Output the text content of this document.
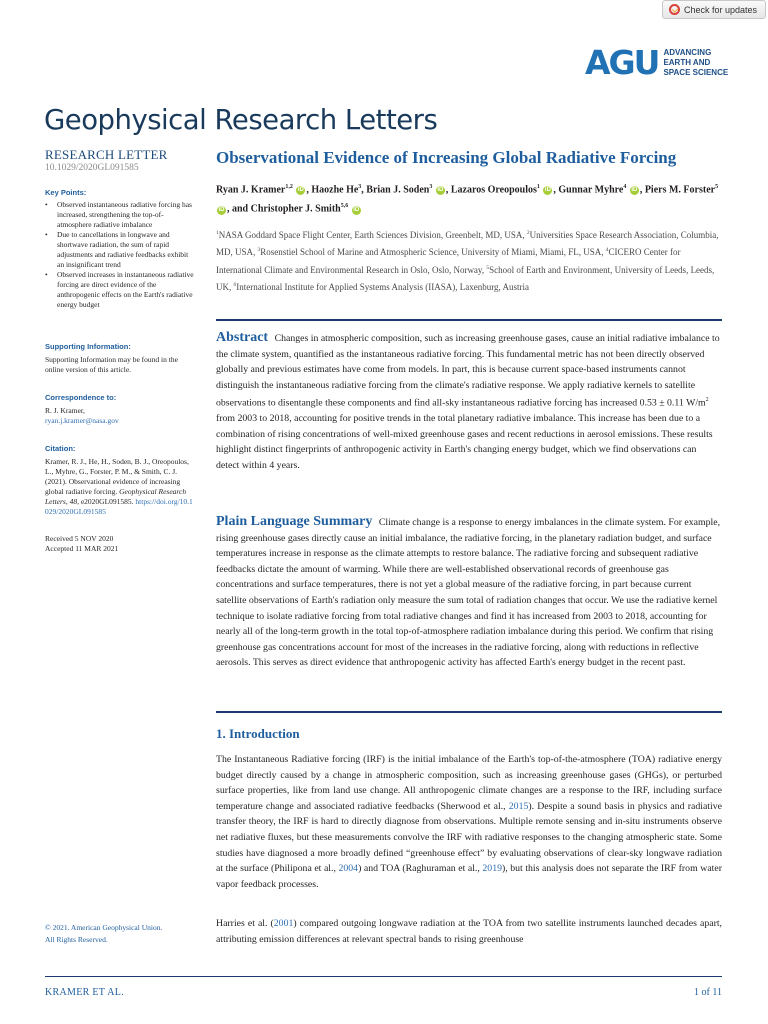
Check for updates
AGU ADVANCING
EARTH AND
SPACE SCIENCE
Geophysical Research Letters
RESEARCH LETTER
10.1029/2020GL091585
Key Points:
• Observed instantaneous radiative forcing has increased, strengthening the top-of-atmosphere radiative imbalance
• Due to cancellations in longwave and shortwave radiation, the sum of rapid adjustments and radiative feedbacks exhibit an insignificant trend
• Observed increases in instantaneous radiative forcing are direct evidence of the anthropogenic effects on the Earth's radiative energy budget
Supporting Information:

Supporting Information may be found in the online version of this article.

Correspondence to:

R. J. Kramer,

ryan.j.kramer@nasa.gov

Citation:

Kramer, R. J., He, H., Soden, B. J., Oreopoulos, L., Myhre, G., Forster, P. M., & Smith, C. J. (2021). Observational evidence of increasing global radiative forcing. Geophysical Research Letters, 48, e2020GL091585. https://doi.org/10.1029/2020GL091585

Received 5 NOV 2020

Accepted 11 MAR 2021

© 2021. American Geophysical Union.
All Rights Reserved.
Observational Evidence of Increasing Global Radiative Forcing
Ryan J. Kramer$^{1,2}$ iD , Haozhe He$^3$, Brian J. Soden$^3$ iD , Lazaros Oreopoulos$^1$ iD , Gunnar Myhre$^4$ iD , Piers M. Forster$^5$ iD , and Christopher J. Smith$^{5,6}$ iD
$^1$NASA Goddard Space Flight Center, Earth Sciences Division, Greenbelt, MD, USA, $^2$Universities Space Research Association, Columbia, MD, USA, $^3$Rosenstiel School of Marine and Atmospheric Science, University of Miami, Miami, FL, USA, $^4$CICERO Center for International Climate and Environmental Research in Oslo, Oslo, Norway, $^5$School of Earth and Environment, University of Leeds, Leeds, UK, $^6$International Institute for Applied Systems Analysis (IIASA), Laxenburg, Austria
Abstract Changes in atmospheric composition, such as increasing greenhouse gases, cause an initial radiative imbalance to the climate system, quantified as the instantaneous radiative forcing. This fundamental metric has not been directly observed globally and previous estimates have come from models. In part, this is because current space-based instruments cannot distinguish the instantaneous radiative forcing from the climate's radiative response. We apply radiative kernels to satellite observations to disentangle these components and find all-sky instantaneous radiative forcing has increased 0.53 ± 0.11 $W/m^2$ from 2003 to 2018, accounting for positive trends in the total planetary radiative imbalance. This increase has been due to a combination of rising concentrations of well-mixed greenhouse gases and recent reductions in aerosol emissions. These results highlight distinct fingerprints of anthropogenic activity in Earth's changing energy budget, which we find observations can detect within 4 years.
Plain Language Summary Climate change is a response to energy imbalances in the climate system. For example, rising greenhouse gases directly cause an initial imbalance, the radiative forcing, in the planetary radiation budget, and surface temperatures increase in response as the climate attempts to restore balance. The radiative forcing and subsequent radiative feedbacks dictate the amount of warming. While there are well-established observational records of greenhouse gas concentrations and surface temperatures, there is not yet a global measure of the radiative forcing, in part because current satellite observations of Earth's radiation only measure the sum total of radiation changes that occur. We use the radiative kernel technique to isolate radiative forcing from total radiative changes and find it has increased from 2003 to 2018, accounting for nearly all of the long-term growth in the total top-of-atmosphere radiation imbalance during this period. We confirm that rising greenhouse gas concentrations account for most of the increases in the radiative forcing, along with reductions in reflective aerosols. This serves as direct evidence that anthropogenic activity has affected Earth's energy budget in the recent past.
1. Introduction
The Instantaneous Radiative forcing (IRF) is the initial imbalance of the Earth's top-of-the-atmosphere (TOA) radiative energy budget directly caused by a change in atmospheric composition, such as increasing greenhouse gases (GHGs), or perturbed surface properties, like from land use change. All anthropogenic climate changes are a response to the IRF, including surface temperature change and associated radiative feedbacks (Sherwood et al., 2015). Despite a sound basis in physics and radiative transfer theory, the IRF is hard to directly diagnose from observations. Multiple remote sensing and in-situ instruments observe net radiative fluxes, but these measurements convolve the IRF with radiative responses to the changing atmospheric state. Some studies have diagnosed a more broadly defined “greenhouse effect” by evaluating observations of clear-sky longwave radiation at the surface (Philipona et al., 2004) and TOA (Raghuraman et al., 2019), but this analysis does not separate the IRF from water vapor feedback processes.
Harries et al. (2001) compared outgoing longwave radiation at the TOA from two satellite instruments launched decades apart, attributing emission differences at relevant spectral bands to rising greenhouse
KRAMER ET AL.	1 of 11
